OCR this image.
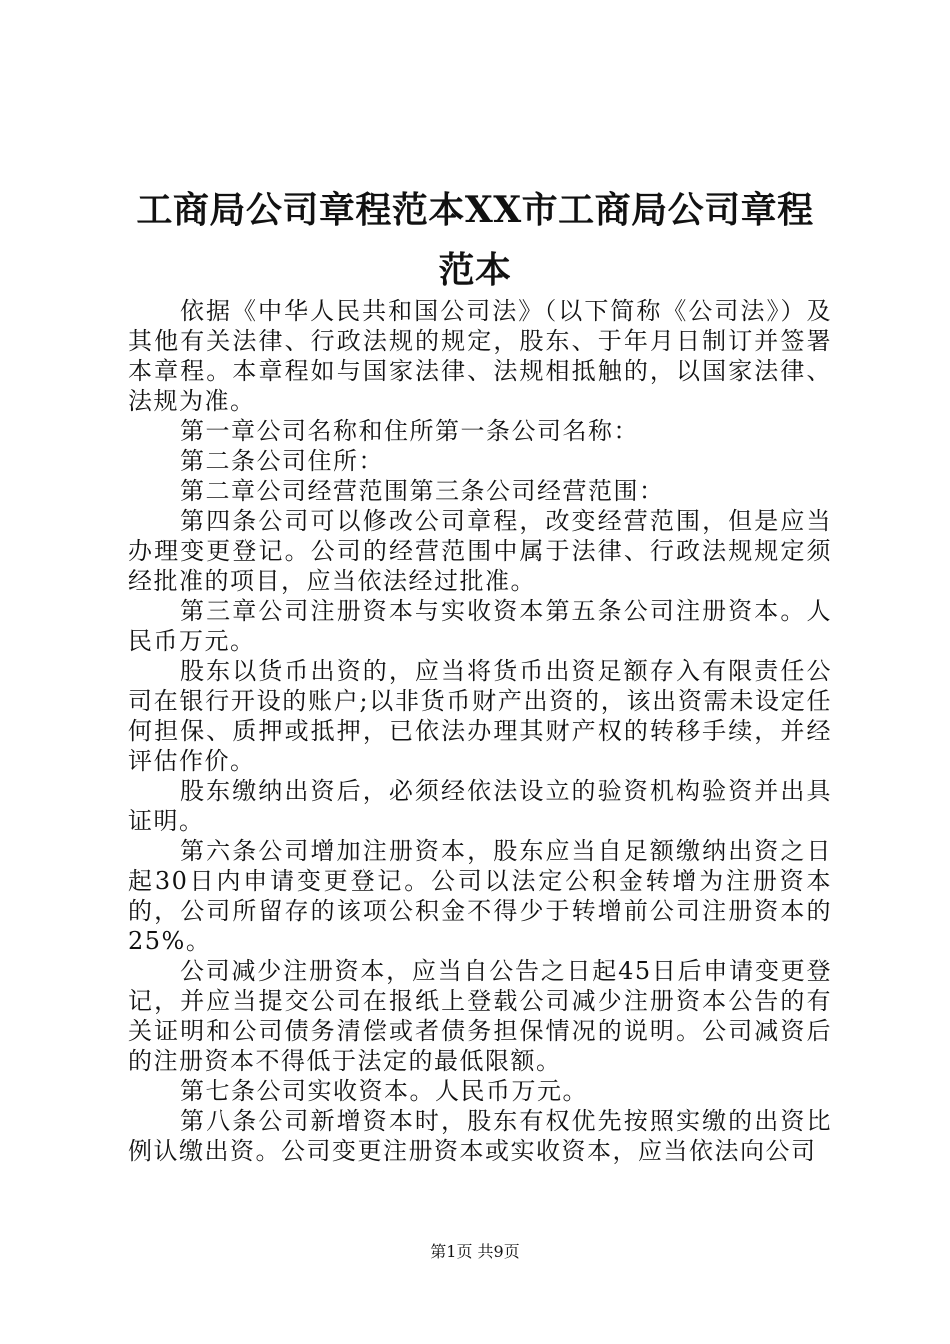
工商局公司章程范本XX市工商局公司章程范本

依据《中华人民共和国公司法》（以下简称《公司法》）及其他有关法律、行政法规的规定，股东、于年月日制订并签署本章程。本章程如与国家法律、法规相抵触的，以国家法律、法规为准。

第一章公司名称和住所第一条公司名称：

第二条公司住所：

第二章公司经营范围第三条公司经营范围：

第四条公司可以修改公司章程，改变经营范围，但是应当办理变更登记。公司的经营范围中属于法律、行政法规规定须经批准的项目，应当依法经过批准。

第三章公司注册资本与实收资本第五条公司注册资本。人民币万元。

股东以货币出资的，应当将货币出资足额存入有限责任公司在银行开设的账户;以非货币财产出资的，该出资需未设定任何担保、质押或抵押，已依法办理其财产权的转移手续，并经评估作价。

股东缴纳出资后，必须经依法设立的验资机构验资并出具证明。

第六条公司增加注册资本，股东应当自足额缴纳出资之日起30日内申请变更登记。公司以法定公积金转增为注册资本的，公司所留存的该项公积金不得少于转增前公司注册资本的25%。

公司减少注册资本，应当自公告之日起45日后申请变更登记，并应当提交公司在报纸上登载公司减少注册资本公告的有关证明和公司债务清偿或者债务担保情况的说明。公司减资后的注册资本不得低于法定的最低限额。

第七条公司实收资本。人民币万元。

第八条公司新增资本时，股东有权优先按照实缴的出资比例认缴出资。公司变更注册资本或实收资本，应当依法向公司

第1页 共9页
